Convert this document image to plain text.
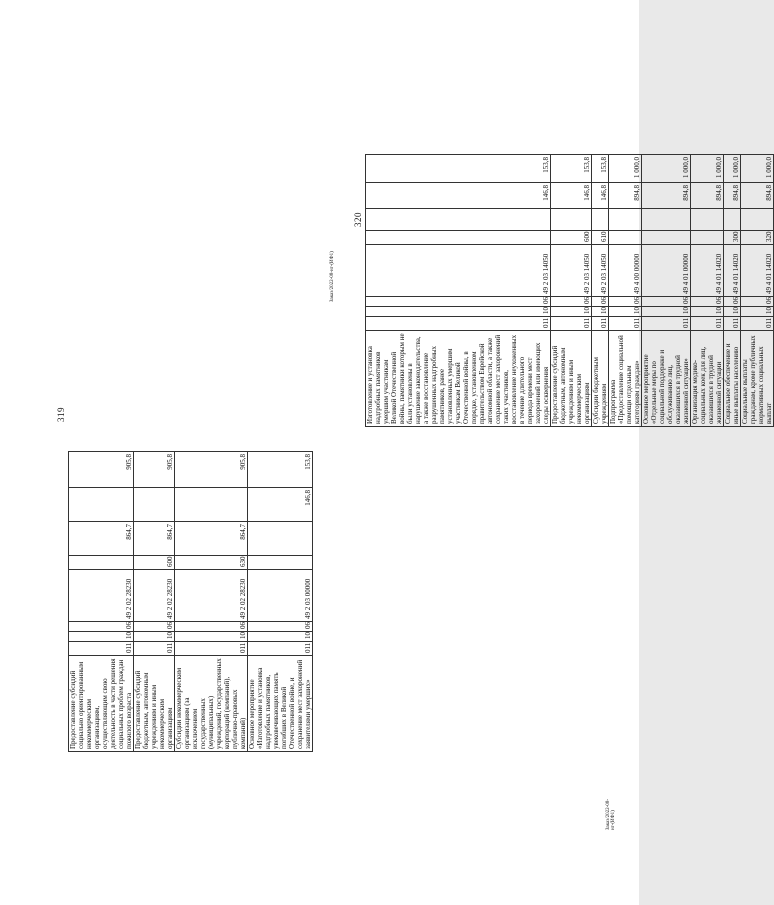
319
Предоставление субсидий социально ориентированным некоммерческим организациям, осуществляющим свою деятельность в части решения социальных проблем граждан пожилого возраста	011	10	06	49 2 02 28230		864,7		905,8
Предоставление субсидий бюджетным, автономным учреждениям и иным некоммерческим организациям	011	10	06	49 2 02 28230	600	864,7		905,8
Субсидии некоммерческим организациям (за исключением государственных (муниципальных) учреждений, государственных корпораций (компаний), публично-правовых компаний)	011	10	06	49 2 02 28230	630	864,7		905,8
Основное мероприятие «Изготовление и установка надгробных памятников, увековечивающих память погибших в Великой Отечественной войне, и сохранение мест захоронений заявителями умерших»	011	10	06	49 2 03 00000			146,8	153,8
Заказ/2022-08-нг-(ИФ1)
320
Изготовление и установка надгробных памятников умершим участникам Великой Отечественной войны, памятники которым не были установлены в нарушение законодательства, а также восстановление разрушенных надгробных памятников, ранее установленных умершим участникам Великой Отечественной войны, в порядке, установленном правительством Еврейской автономной области, а также сохранение мест захоронений таких участников, восстановление неухоженных в течение длительного периода времени мест захоронений или имеющих следы осквернения	011	10	06	49 2 03 14050			146,8	153,8
Предоставление субсидий бюджетным, автономным учреждениям и иным некоммерческим организациям	011	10	06	49 2 03 14050	600		146,8	153,8
Субсидии бюджетным учреждениям	011	10	06	49 2 03 14050	610		146,8	153,8
Подпрограмма «Предоставление социальной помощи отдельным категориям граждан»	011	10	06	49 4 00 00000			894,8	1 000,0
Основное мероприятие «Отдельные меры по социальной поддержке и обслуживанию лиц, оказавшихся в трудной жизненной ситуации»	011	10	06	49 4 01 00000			894,8	1 000,0
Организация медико-социальных коек для лиц, оказавшихся в трудной жизненной ситуации	011	10	06	49 4 01 14020			894,8	1 000,0
Социальное обеспечение и иные выплаты населению	011	10	06	49 4 01 14020	300		894,8	1 000,0
Социальные выплаты гражданам, кроме публичных нормативных социальных выплат	011	10	06	49 4 01 14020	320		894,8	1 000,0
Заказ/2022-08-нг-(ИФ1)
